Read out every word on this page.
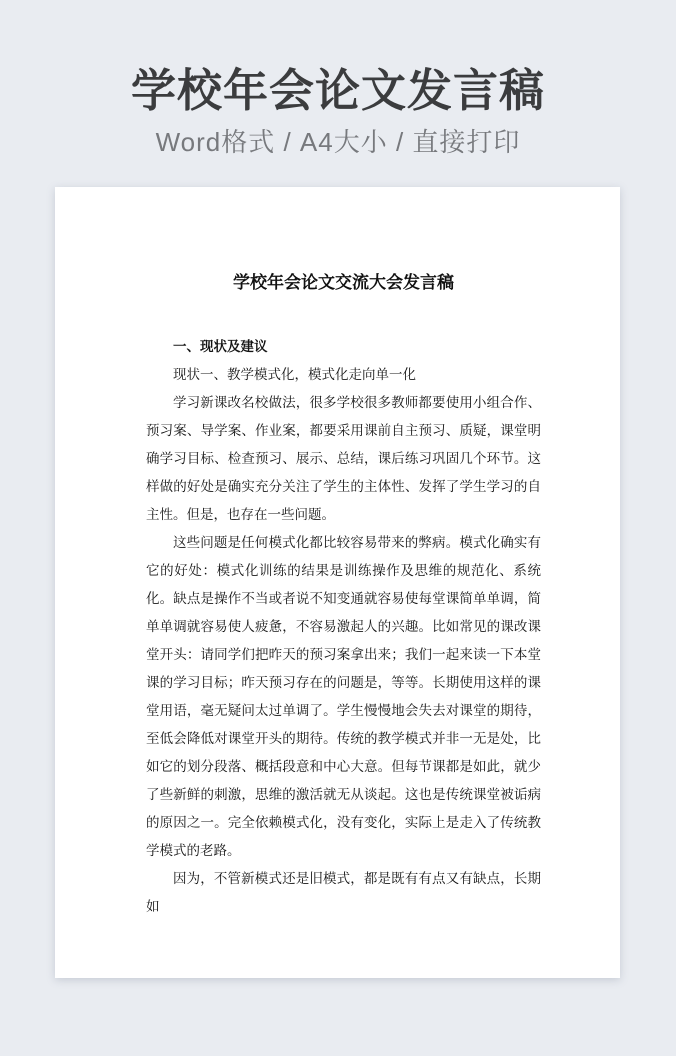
学校年会论文发言稿
Word格式 / A4大小 / 直接打印
学校年会论文交流大会发言稿

一、现状及建议

现状一、教学模式化，模式化走向单一化

学习新课改名校做法，很多学校很多教师都要使用小组合作、预习案、导学案、作业案，都要采用课前自主预习、质疑，课堂明确学习目标、检查预习、展示、总结，课后练习巩固几个环节。这样做的好处是确实充分关注了学生的主体性、发挥了学生学习的自主性。但是，也存在一些问题。

这些问题是任何模式化都比较容易带来的弊病。模式化确实有它的好处：模式化训练的结果是训练操作及思维的规范化、系统化。缺点是操作不当或者说不知变通就容易使每堂课简单单调，简单单调就容易使人疲惫，不容易激起人的兴趣。比如常见的课改课堂开头：请同学们把昨天的预习案拿出来；我们一起来读一下本堂课的学习目标；昨天预习存在的问题是，等等。长期使用这样的课堂用语，毫无疑问太过单调了。学生慢慢地会失去对课堂的期待，至低会降低对课堂开头的期待。传统的教学模式并非一无是处，比如它的划分段落、概括段意和中心大意。但每节课都是如此，就少了些新鲜的刺激，思维的激活就无从谈起。这也是传统课堂被诟病的原因之一。完全依赖模式化，没有变化，实际上是走入了传统教学模式的老路。

因为，不管新模式还是旧模式，都是既有有点又有缺点，长期如
